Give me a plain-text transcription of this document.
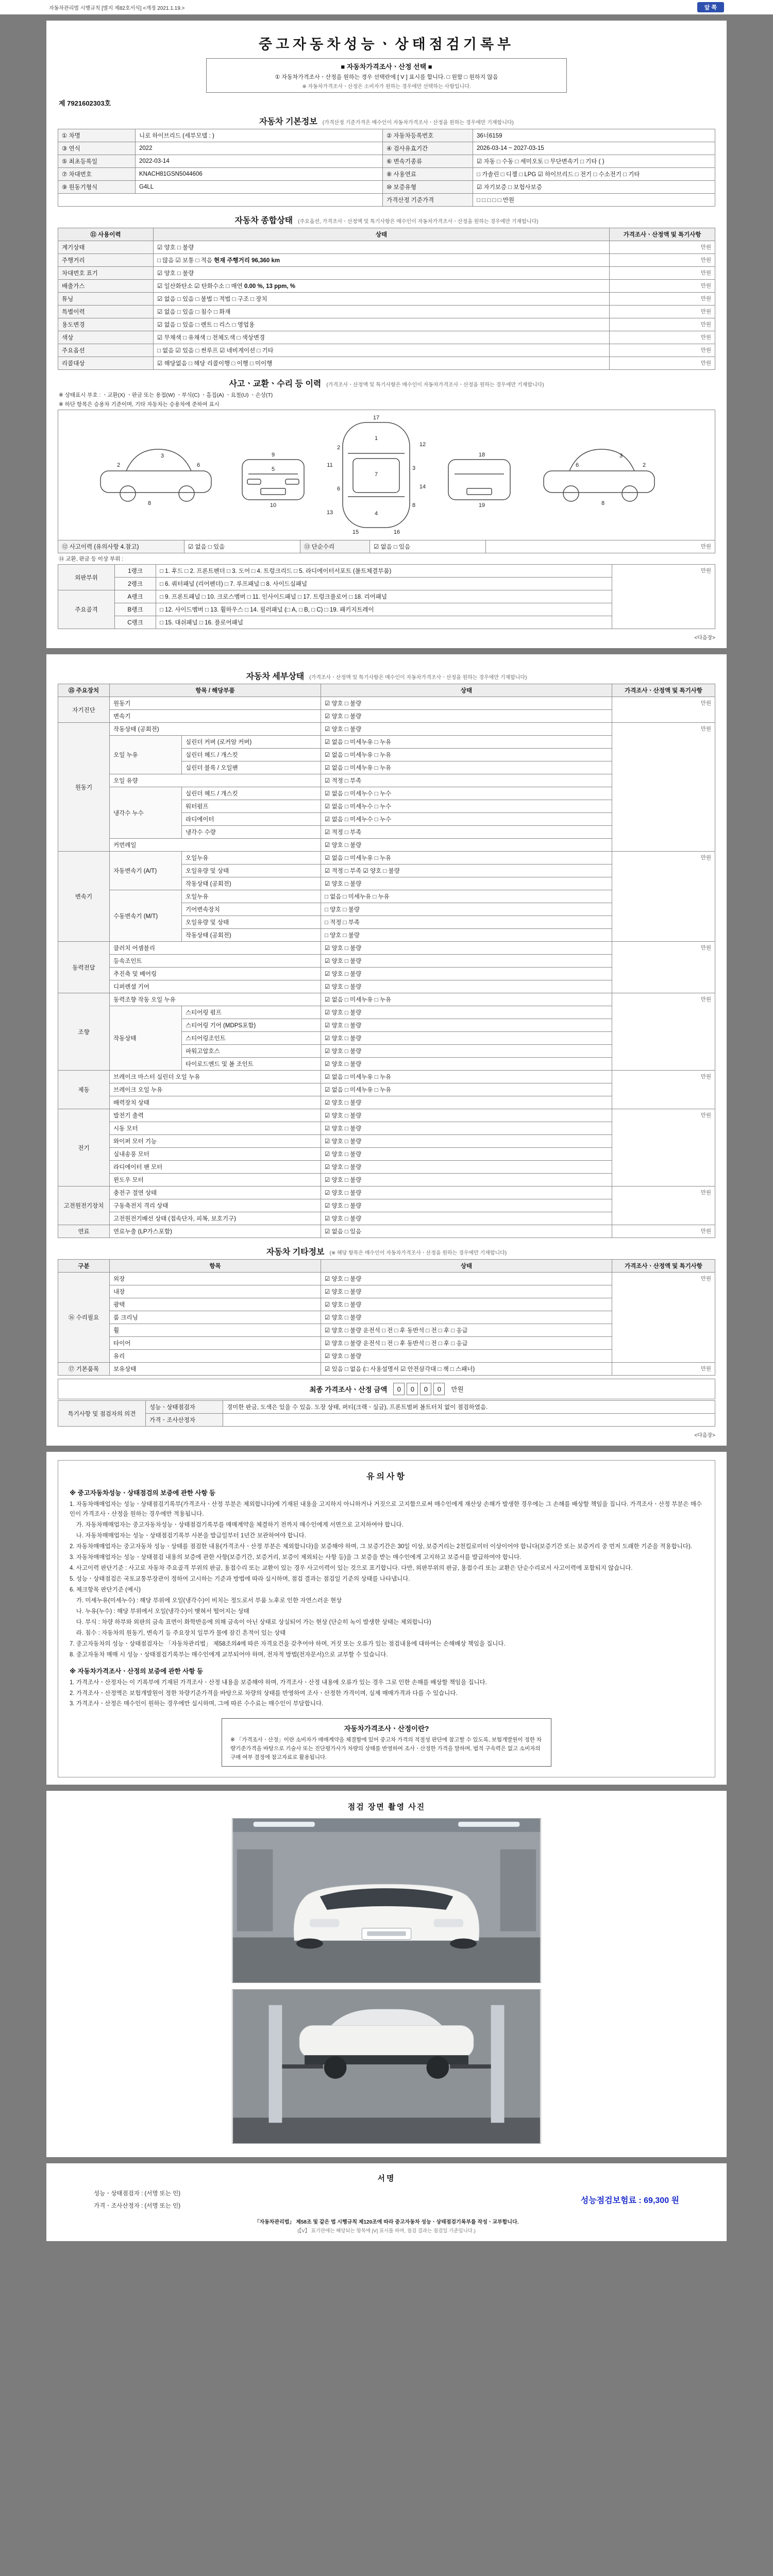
자동차관리법 시행규칙 [별지 제82호서식] <개정 2021.1.19.>	앞 쪽
중고자동차성능ㆍ상태점검기록부
■ 자동차가격조사ㆍ산정 선택 ■
① 자동차가격조사ㆍ산정을 원하는 경우 선택란에 [ V ] 표시를 합니다. □ 원함 □ 원하지 않음
※ 자동차가격조사ㆍ산정은 소비자가 원하는 경우에만 선택하는 사항입니다.
제 7921602303호
자동차 기본정보 (가격산정 기준가격은 매수인이 자동차가격조사ㆍ산정을 원하는 경우에만 기재합니다)
① 차명	니로 하이브리드 (세부모델 : )	② 자동차등록번호	36너6159
③ 연식	2022	④ 검사유효기간	2026-03-14 ~ 2027-03-15
⑤ 최초등록일	2022-03-14	⑥ 변속기종류	☑ 자동 □ 수동 □ 세미오토 □ 무단변속기 □ 기타 ( )
⑦ 차대번호	KNACH81GSN5044606	⑧ 사용연료	□ 가솔린 □ 디젤 □ LPG ☑ 하이브리드 □ 전기 □ 수소전기 □ 기타
⑨ 원동기형식	G4LL	⑩ 보증유형	☑ 자기보증 □ 보험사보증
		가격산정 기준가격	□ □ □ □ □ 만원
자동차 종합상태 (주요옵션, 가격조사ㆍ산정액 및 특기사항은 매수인이 자동차가격조사ㆍ산정을 원하는 경우에만 기재합니다)
⑪ 사용이력	상태	가격조사ㆍ산정액 및 특기사항
계기상태	☑ 양호 □ 불량	만원
주행거리	□ 많음 ☑ 보통 □ 적음 현재 주행거리 96,360 km	만원
차대번호 표기	☑ 양호 □ 불량	만원
배출가스	☑ 일산화탄소 ☑ 탄화수소 □ 매연 0.00 %, 13 ppm, %	만원
튜닝	☑ 없음 □ 있음 □ 불법 □ 적법 □ 구조 □ 장치	만원
특별이력	☑ 없음 □ 있음 □ 침수 □ 화재	만원
용도변경	☑ 없음 □ 있음 □ 렌트 □ 리스 □ 영업용	만원
색상	☑ 무채색 □ 유채색 □ 전체도색 □ 색상변경	만원
주요옵션	□ 없음 ☑ 있음 □ 썬루프 ☑ 네비게이션 □ 기타	만원
리콜대상	☑ 해당없음 □ 해당 리콜이행 □ 이행 □ 미이행	만원
사고ㆍ교환ㆍ수리 등 이력 (가격조사ㆍ산정액 및 특기사항은 매수인이 자동차가격조사ㆍ산정을 원하는 경우에만 기재합니다)
※ 상태표시 부호 : ㆍ교환(X) ㆍ판금 또는 용접(W) ㆍ부식(C) ㆍ흠집(A) ㆍ요철(U) ㆍ손상(T)
※ 하단 항목은 승용차 기준이며, 기타 자동차는 승용차에 준하여 표시
1
7
4
2
3
6
8
9
5
10
18
19
11
12
13
14
15	16
17
2
3
6
8
6
3
2
8
⑫ 사고이력 (유의사항 4.참고)	☑ 없음 □ 있음	⑬ 단순수리	☑ 없음 □ 있음	만원
⑭ 교환, 판금 등 이상 부위 :
외판부위	1랭크	□ 1. 후드 □ 2. 프론트펜더 □ 3. 도어 □ 4. 트렁크리드 □ 5. 라디에이터서포트 (볼트체결부품)	만원
	2랭크	□ 6. 쿼터패널 (리어펜더) □ 7. 루프패널 □ 8. 사이드실패널	
주요골격	A랭크	□ 9. 프론트패널 □ 10. 크로스멤버 □ 11. 인사이드패널 □ 17. 트렁크플로어 □ 18. 리어패널	
	B랭크	□ 12. 사이드멤버 □ 13. 휠하우스 □ 14. 필러패널 (□ A, □ B, □ C) □ 19. 패키지트레이	
	C랭크	□ 15. 대쉬패널 □ 16. 플로어패널	
<다음장>
자동차 세부상태 (가격조사ㆍ산정액 및 특기사항은 매수인이 자동차가격조사ㆍ산정을 원하는 경우에만 기재합니다)
⑮ 주요장치	항목 / 해당부품		상태	가격조사ㆍ산정액 및 특기사항
자기진단	원동기		☑ 양호 □ 불량	만원
	변속기		☑ 양호 □ 불량	
원동기	작동상태 (공회전)		☑ 양호 □ 불량	만원
	오일 누유	실린더 커버 (로커암 커버)	☑ 없음 □ 미세누유 □ 누유	
		실린더 헤드 / 개스킷	☑ 없음 □ 미세누유 □ 누유	
		실린더 블록 / 오일팬	☑ 없음 □ 미세누유 □ 누유	
	오일 유량		☑ 적정 □ 부족	
	냉각수 누수	실린더 헤드 / 개스킷	☑ 없음 □ 미세누수 □ 누수	
		워터펌프	☑ 없음 □ 미세누수 □ 누수	
		라디에이터	☑ 없음 □ 미세누수 □ 누수	
		냉각수 수량	☑ 적정 □ 부족	
	커먼레일		☑ 양호 □ 불량	
변속기	자동변속기 (A/T)	오일누유	☑ 없음 □ 미세누유 □ 누유	만원
		오일유량 및 상태	☑ 적정 □ 부족 ☑ 양호 □ 불량	
		작동상태 (공회전)	☑ 양호 □ 불량	
	수동변속기 (M/T)	오일누유	□ 없음 □ 미세누유 □ 누유	
		기어변속장치	□ 양호 □ 불량	
		오일유량 및 상태	□ 적정 □ 부족	
		작동상태 (공회전)	□ 양호 □ 불량	
동력전달	클러치 어셈블리		☑ 양호 □ 불량	만원
	등속조인트		☑ 양호 □ 불량	
	추진축 및 베어링		☑ 양호 □ 불량	
	디퍼렌셜 기어		☑ 양호 □ 불량	
조향	동력조향 작동 오일 누유		☑ 없음 □ 미세누유 □ 누유	만원
	작동상태	스티어링 펌프	☑ 양호 □ 불량	
		스티어링 기어 (MDPS포함)	☑ 양호 □ 불량	
		스티어링조인트	☑ 양호 □ 불량	
		파워고압호스	☑ 양호 □ 불량	
		타이로드엔드 및 볼 조인트	☑ 양호 □ 불량	
제동	브레이크 마스터 실린더 오일 누유		☑ 없음 □ 미세누유 □ 누유	만원
	브레이크 오일 누유		☑ 없음 □ 미세누유 □ 누유	
	배력장치 상태		☑ 양호 □ 불량	
전기	발전기 출력		☑ 양호 □ 불량	만원
	시동 모터		☑ 양호 □ 불량	
	와이퍼 모터 기능		☑ 양호 □ 불량	
	실내송풍 모터		☑ 양호 □ 불량	
	라디에이터 팬 모터		☑ 양호 □ 불량	
	윈도우 모터		☑ 양호 □ 불량	
고전원전기장치	충전구 절연 상태		☑ 양호 □ 불량	만원
	구동축전지 격리 상태		☑ 양호 □ 불량	
	고전원전기배선 상태 (접속단자, 피복, 보호기구)		☑ 양호 □ 불량	
연료	연료누출 (LP가스포함)		☑ 없음 □ 있음	만원
자동차 기타정보 (※ 해당 항목은 매수인이 자동차가격조사ㆍ산정을 원하는 경우에만 기재합니다)
구분	항목	상태	가격조사ㆍ산정액 및 특기사항
⑯ 수리필요	외장	☑ 양호 □ 불량	만원
	내장	☑ 양호 □ 불량	
	광택	☑ 양호 □ 불량	
	룸 크리닝	☑ 양호 □ 불량	
	휠	☑ 양호 □ 불량 운전석 □ 전 □ 후 동반석 □ 전 □ 후 □ 응급	
	타이어	☑ 양호 □ 불량 운전석 □ 전 □ 후 동반석 □ 전 □ 후 □ 응급	
	유리	☑ 양호 □ 불량	
⑰ 기본품목	보유상태	☑ 있음 □ 없음 (□ 사용설명서 ☑ 안전삼각대 □ 잭 □ 스패너)	만원
최종 가격조사ㆍ산정 금액	0 0 0 0	만원
특기사항 및 점검자의 의견	성능ㆍ상태점검자	경미한 판금, 도색은 있을 수 있음. 도장 상태, 퍼티(크랙ㆍ실금), 프론트범퍼 볼트터치 없이 점검하였음.
	가격ㆍ조사산정자	
<다음장>
유의사항
※ 중고자동차성능ㆍ상태점검의 보증에 관한 사항 등
1. 자동차매매업자는 성능ㆍ상태점검기록부(가격조사ㆍ산정 부분은 제외합니다)에 기재된 내용을 고지하지 아니하거나 거짓으로 고지함으로써 매수인에게 재산상 손해가 발생한 경우에는 그 손해를 배상할 책임을 집니다. 가격조사ㆍ산정 부분은 매수인이 가격조사ㆍ산정을 원하는 경우에만 적용됩니다.
가. 자동차매매업자는 중고자동차성능ㆍ상태점검기록부를 매매계약을 체결하기 전까지 매수인에게 서면으로 고지하여야 합니다.
나. 자동차매매업자는 성능ㆍ상태점검기록부 사본을 발급일부터 1년간 보관하여야 합니다.
2. 자동차매매업자는 중고자동차 성능ㆍ상태를 점검한 내용(가격조사ㆍ산정 부분은 제외합니다)을 보증해야 하며, 그 보증기간은 30일 이상, 보증거리는 2천킬로미터 이상이어야 합니다(보증기간 또는 보증거리 중 먼저 도래한 기준을 적용합니다).
3. 자동차매매업자는 성능ㆍ상태점검 내용의 보증에 관한 사항(보증기간, 보증거리, 보증이 제외되는 사항 등)을 그 보증을 받는 매수인에게 고지하고 보증서를 발급하여야 합니다.
4. 사고이력 판단기준 : 사고로 자동차 주요골격 부위의 판금, 용접수리 또는 교환이 있는 경우 사고이력이 있는 것으로 표기합니다. 다만, 외판부위의 판금, 용접수리 또는 교환은 단순수리로서 사고이력에 포함되지 않습니다.
5. 성능ㆍ상태점검은 국토교통부장관이 정하여 고시하는 기준과 방법에 따라 실시하며, 점검 결과는 점검일 기준의 상태를 나타냅니다.
6. 체크항목 판단기준 (예시)
가. 미세누유(미세누수) : 해당 부위에 오일(냉각수)이 비치는 정도로서 부품 노후로 인한 자연스러운 현상
나. 누유(누수) : 해당 부위에서 오일(냉각수)이 맺혀서 떨어지는 상태
다. 부식 : 차량 하부와 외판의 금속 표면이 화학반응에 의해 금속이 아닌 상태로 상실되어 가는 현상 (단순히 녹이 발생한 상태는 제외합니다)
라. 침수 : 자동차의 원동기, 변속기 등 주요장치 일부가 물에 잠긴 흔적이 있는 상태
7. 중고자동차의 성능ㆍ상태점검자는 「자동차관리법」 제58조의4에 따른 자격요건을 갖추어야 하며, 거짓 또는 오류가 있는 점검내용에 대하여는 손해배상 책임을 집니다.
8. 중고자동차 매매 시 성능ㆍ상태점검기록부는 매수인에게 교부되어야 하며, 전자적 방법(전자문서)으로 교부할 수 있습니다.
※ 자동차가격조사ㆍ산정의 보증에 관한 사항 등
1. 가격조사ㆍ산정자는 이 기록부에 기재된 가격조사ㆍ산정 내용을 보증해야 하며, 가격조사ㆍ산정 내용에 오류가 있는 경우 그로 인한 손해를 배상할 책임을 집니다.
2. 가격조사ㆍ산정액은 보험개발원이 정한 차량기준가격을 바탕으로 차량의 상태를 반영하여 조사ㆍ산정한 가격이며, 실제 매매가격과 다를 수 있습니다.
3. 가격조사ㆍ산정은 매수인이 원하는 경우에만 실시하며, 그에 따른 수수료는 매수인이 부담합니다.
자동차가격조사ㆍ산정이란?
※ 「가격조사ㆍ산정」이란 소비자가 매매계약을 체결함에 있어 중고차 가격의 적절성 판단에 참고할 수 있도록, 보험개발원이 정한 차량기준가격을 바탕으로 기술사 또는 진단평가사가 차량의 상태를 반영하여 조사ㆍ산정한 가격을 말하며, 법적 구속력은 없고 소비자의 구매 여부 결정에 참고자료로 활용됩니다.
점검 장면 촬영 사진
서명
성능ㆍ상태점검자 : (서명 또는 인)
가격ㆍ조사산정자 : (서명 또는 인)
성능점검보험료 : 69,300 원
「자동차관리법」 제58조 및 같은 법 시행규칙 제120조에 따라 중고자동차 성능ㆍ상태점검기록부를 작성ㆍ교부합니다.
(【V】 표기란에는 해당되는 항목에 [V] 표시를 하며, 점검 결과는 점검일 기준입니다.)
